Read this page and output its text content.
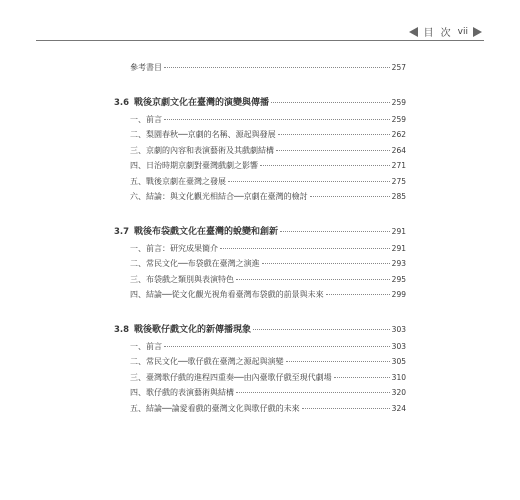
目 次 vii
參考書目	257
3.6 戰後京劇文化在臺灣的演變與傳播	259
一、前言	259
二、梨園春秋──京劇的名稱、源起與發展	262
三、京劇的內容和表演藝術及其戲劇結構	264
四、日治時期京劇對臺灣戲劇之影響	271
五、戰後京劇在臺灣之發展	275
六、結論：與文化觀光相結合──京劇在臺灣的檢討	285
3.7 戰後布袋戲文化在臺灣的蛻變和創新	291
一、前言：研究成果簡介	291
二、常民文化──布袋戲在臺灣之演進	293
三、布袋戲之類別與表演特色	295
四、結論──從文化觀光視角看臺灣布袋戲的前景與未來	299
3.8 戰後歌仔戲文化的新傳播現象	303
一、前言	303
二、常民文化──歌仔戲在臺灣之源起與演變	305
三、臺灣歌仔戲的進程四重奏──由內臺歌仔戲至現代劇場	310
四、歌仔戲的表演藝術與結構	320
五、結論──論愛看戲的臺灣文化與歌仔戲的未來	324
